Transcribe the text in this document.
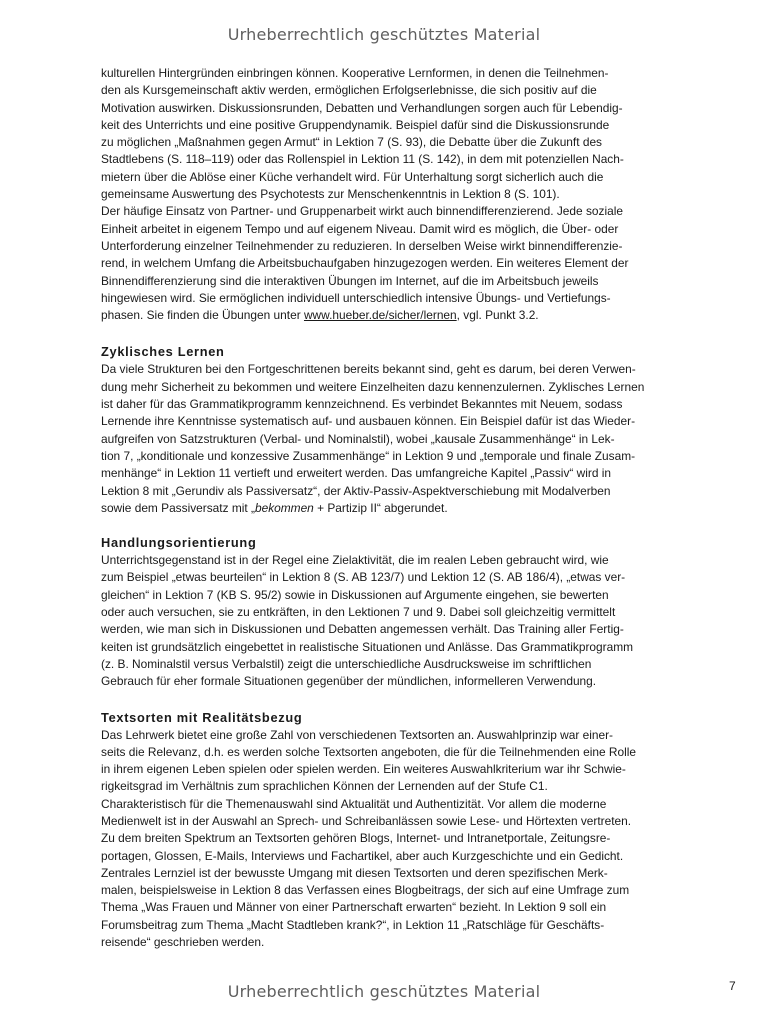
Urheberrechtlich geschütztes Material
kulturellen Hintergründen einbringen können. Kooperative Lernformen, in denen die Teilnehmen-
den als Kursgemeinschaft aktiv werden, ermöglichen Erfolgserlebnisse, die sich positiv auf die
Motivation auswirken. Diskussionsrunden, Debatten und Verhandlungen sorgen auch für Lebendig-
keit des Unterrichts und eine positive Gruppendynamik. Beispiel dafür sind die Diskussionsrunde
zu möglichen „Maßnahmen gegen Armut“ in Lektion 7 (S. 93), die Debatte über die Zukunft des
Stadtlebens (S. 118–119) oder das Rollenspiel in Lektion 11 (S. 142), in dem mit potenziellen Nach-
mietern über die Ablöse einer Küche verhandelt wird. Für Unterhaltung sorgt sicherlich auch die
gemeinsame Auswertung des Psychotests zur Menschenkenntnis in Lektion 8 (S. 101).
Der häufige Einsatz von Partner- und Gruppenarbeit wirkt auch binnendifferenzierend. Jede soziale
Einheit arbeitet in eigenem Tempo und auf eigenem Niveau. Damit wird es möglich, die Über- oder
Unterforderung einzelner Teilnehmender zu reduzieren. In derselben Weise wirkt binnendifferenzie-
rend, in welchem Umfang die Arbeitsbuchaufgaben hinzugezogen werden. Ein weiteres Element der
Binnendifferenzierung sind die interaktiven Übungen im Internet, auf die im Arbeitsbuch jeweils
hingewiesen wird. Sie ermöglichen individuell unterschiedlich intensive Übungs- und Vertiefungs-
phasen. Sie finden die Übungen unter www.hueber.de/sicher/lernen, vgl. Punkt 3.2.
Zyklisches Lernen
Da viele Strukturen bei den Fortgeschrittenen bereits bekannt sind, geht es darum, bei deren Verwen-
dung mehr Sicherheit zu bekommen und weitere Einzelheiten dazu kennenzulernen. Zyklisches Lernen
ist daher für das Grammatikprogramm kennzeichnend. Es verbindet Bekanntes mit Neuem, sodass
Lernende ihre Kenntnisse systematisch auf- und ausbauen können. Ein Beispiel dafür ist das Wieder-
aufgreifen von Satzstrukturen (Verbal- und Nominalstil), wobei „kausale Zusammenhänge“ in Lek-
tion 7, „konditionale und konzessive Zusammenhänge“ in Lektion 9 und „temporale und finale Zusam-
menhänge“ in Lektion 11 vertieft und erweitert werden. Das umfangreiche Kapitel „Passiv“ wird in
Lektion 8 mit „Gerundiv als Passiversatz“, der Aktiv-Passiv-Aspektverschiebung mit Modalverben
sowie dem Passiversatz mit „bekommen + Partizip II“ abgerundet.
Handlungsorientierung
Unterrichtsgegenstand ist in der Regel eine Zielaktivität, die im realen Leben gebraucht wird, wie
zum Beispiel „etwas beurteilen“ in Lektion 8 (S. AB 123/7) und Lektion 12 (S. AB 186/4), „etwas ver-
gleichen“ in Lektion 7 (KB S. 95/2) sowie in Diskussionen auf Argumente eingehen, sie bewerten
oder auch versuchen, sie zu entkräften, in den Lektionen 7 und 9. Dabei soll gleichzeitig vermittelt
werden, wie man sich in Diskussionen und Debatten angemessen verhält. Das Training aller Fertig-
keiten ist grundsätzlich eingebettet in realistische Situationen und Anlässe. Das Grammatikprogramm
(z. B. Nominalstil versus Verbalstil) zeigt die unterschiedliche Ausdrucksweise im schriftlichen
Gebrauch für eher formale Situationen gegenüber der mündlichen, informelleren Verwendung.
Textsorten mit Realitätsbezug
Das Lehrwerk bietet eine große Zahl von verschiedenen Textsorten an. Auswahlprinzip war einer-
seits die Relevanz, d.h. es werden solche Textsorten angeboten, die für die Teilnehmenden eine Rolle
in ihrem eigenen Leben spielen oder spielen werden. Ein weiteres Auswahlkriterium war ihr Schwie-
rigkeitsgrad im Verhältnis zum sprachlichen Können der Lernenden auf der Stufe C1.
Charakteristisch für die Themenauswahl sind Aktualität und Authentizität. Vor allem die moderne
Medienwelt ist in der Auswahl an Sprech- und Schreibanlässen sowie Lese- und Hörtexten vertreten.
Zu dem breiten Spektrum an Textsorten gehören Blogs, Internet- und Intranetportale, Zeitungsre-
portagen, Glossen, E-Mails, Interviews und Fachartikel, aber auch Kurzgeschichte und ein Gedicht.
Zentrales Lernziel ist der bewusste Umgang mit diesen Textsorten und deren spezifischen Merk-
malen, beispielsweise in Lektion 8 das Verfassen eines Blogbeitrags, der sich auf eine Umfrage zum
Thema „Was Frauen und Männer von einer Partnerschaft erwarten“ bezieht. In Lektion 9 soll ein
Forumsbeitrag zum Thema „Macht Stadtleben krank?“, in Lektion 11 „Ratschläge für Geschäfts-
reisende“ geschrieben werden.
Urheberrechtlich geschütztes Material	7
